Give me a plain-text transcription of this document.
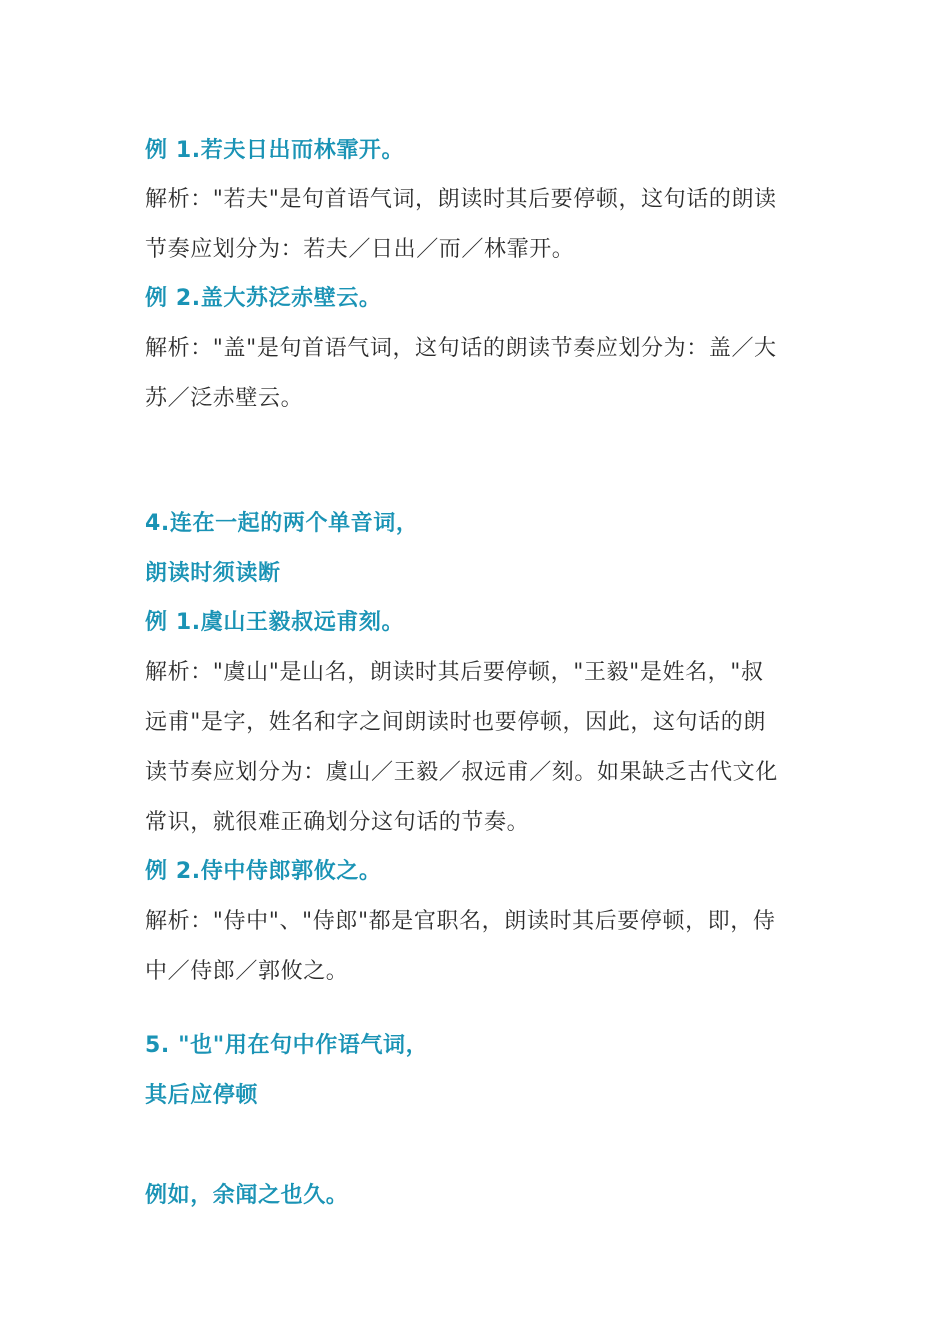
例 1.若夫日出而林霏开。
解析："若夫"是句首语气词，朗读时其后要停顿，这句话的朗读
节奏应划分为：若夫／日出／而／林霏开。
例 2.盖大苏泛赤壁云。
解析："盖"是句首语气词，这句话的朗读节奏应划分为：盖／大
苏／泛赤壁云。
4.连在一起的两个单音词，
朗读时须读断
例 1.虞山王毅叔远甫刻。
解析："虞山"是山名，朗读时其后要停顿，"王毅"是姓名，"叔
远甫"是字，姓名和字之间朗读时也要停顿，因此，这句话的朗
读节奏应划分为：虞山／王毅／叔远甫／刻。如果缺乏古代文化
常识，就很难正确划分这句话的节奏。
例 2.侍中侍郎郭攸之。
解析："侍中"、"侍郎"都是官职名，朗读时其后要停顿，即，侍
中／侍郎／郭攸之。
5. "也"用在句中作语气词，
其后应停顿
例如，余闻之也久。
